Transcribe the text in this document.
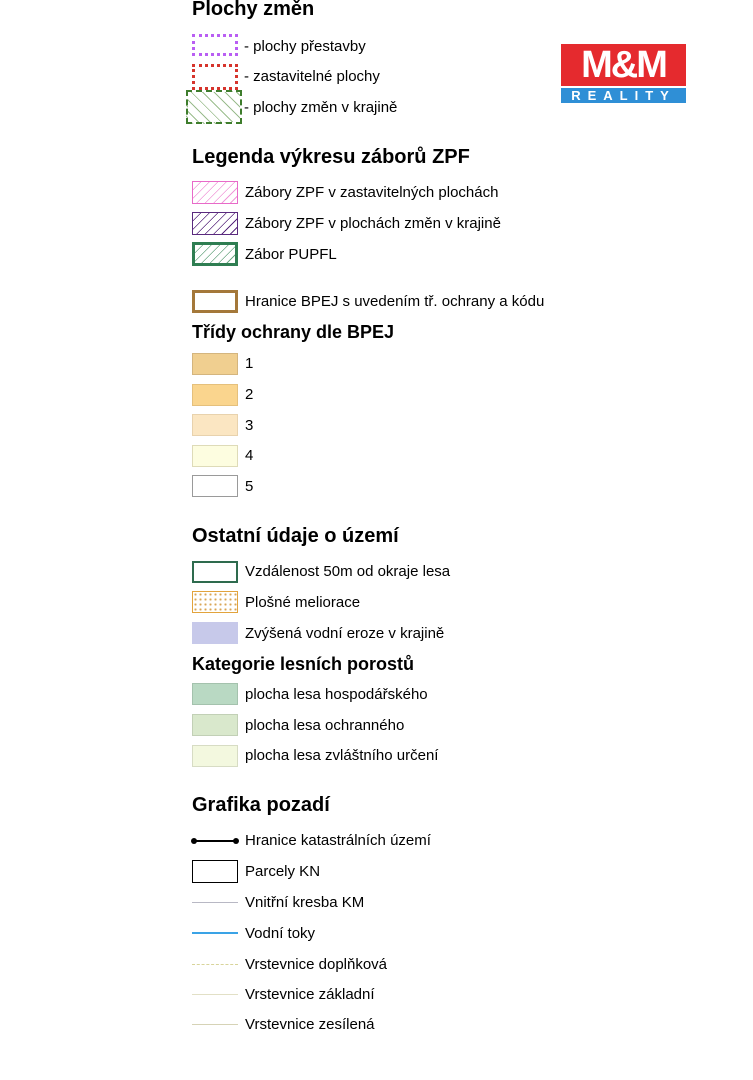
M&M
REALITY
Plochy změn
- plochy přestavby
- zastavitelné plochy
- plochy změn v krajině
Legenda výkresu záborů ZPF
Zábory ZPF v zastavitelných plochách
Zábory ZPF v plochách změn v krajině
Zábor PUPFL
Hranice BPEJ s uvedením tř. ochrany a kódu
Třídy ochrany dle BPEJ
1
2
3
4
5
Ostatní údaje o území
Vzdálenost 50m od okraje lesa
Plošné meliorace
Zvýšená vodní eroze v krajině
Kategorie lesních porostů
plocha lesa hospodářského
plocha lesa ochranného
plocha lesa zvláštního určení
Grafika pozadí
Hranice katastrálních území
Parcely KN
Vnitřní kresba KM
Vodní toky
Vrstevnice doplňková
Vrstevnice základní
Vrstevnice zesílená
